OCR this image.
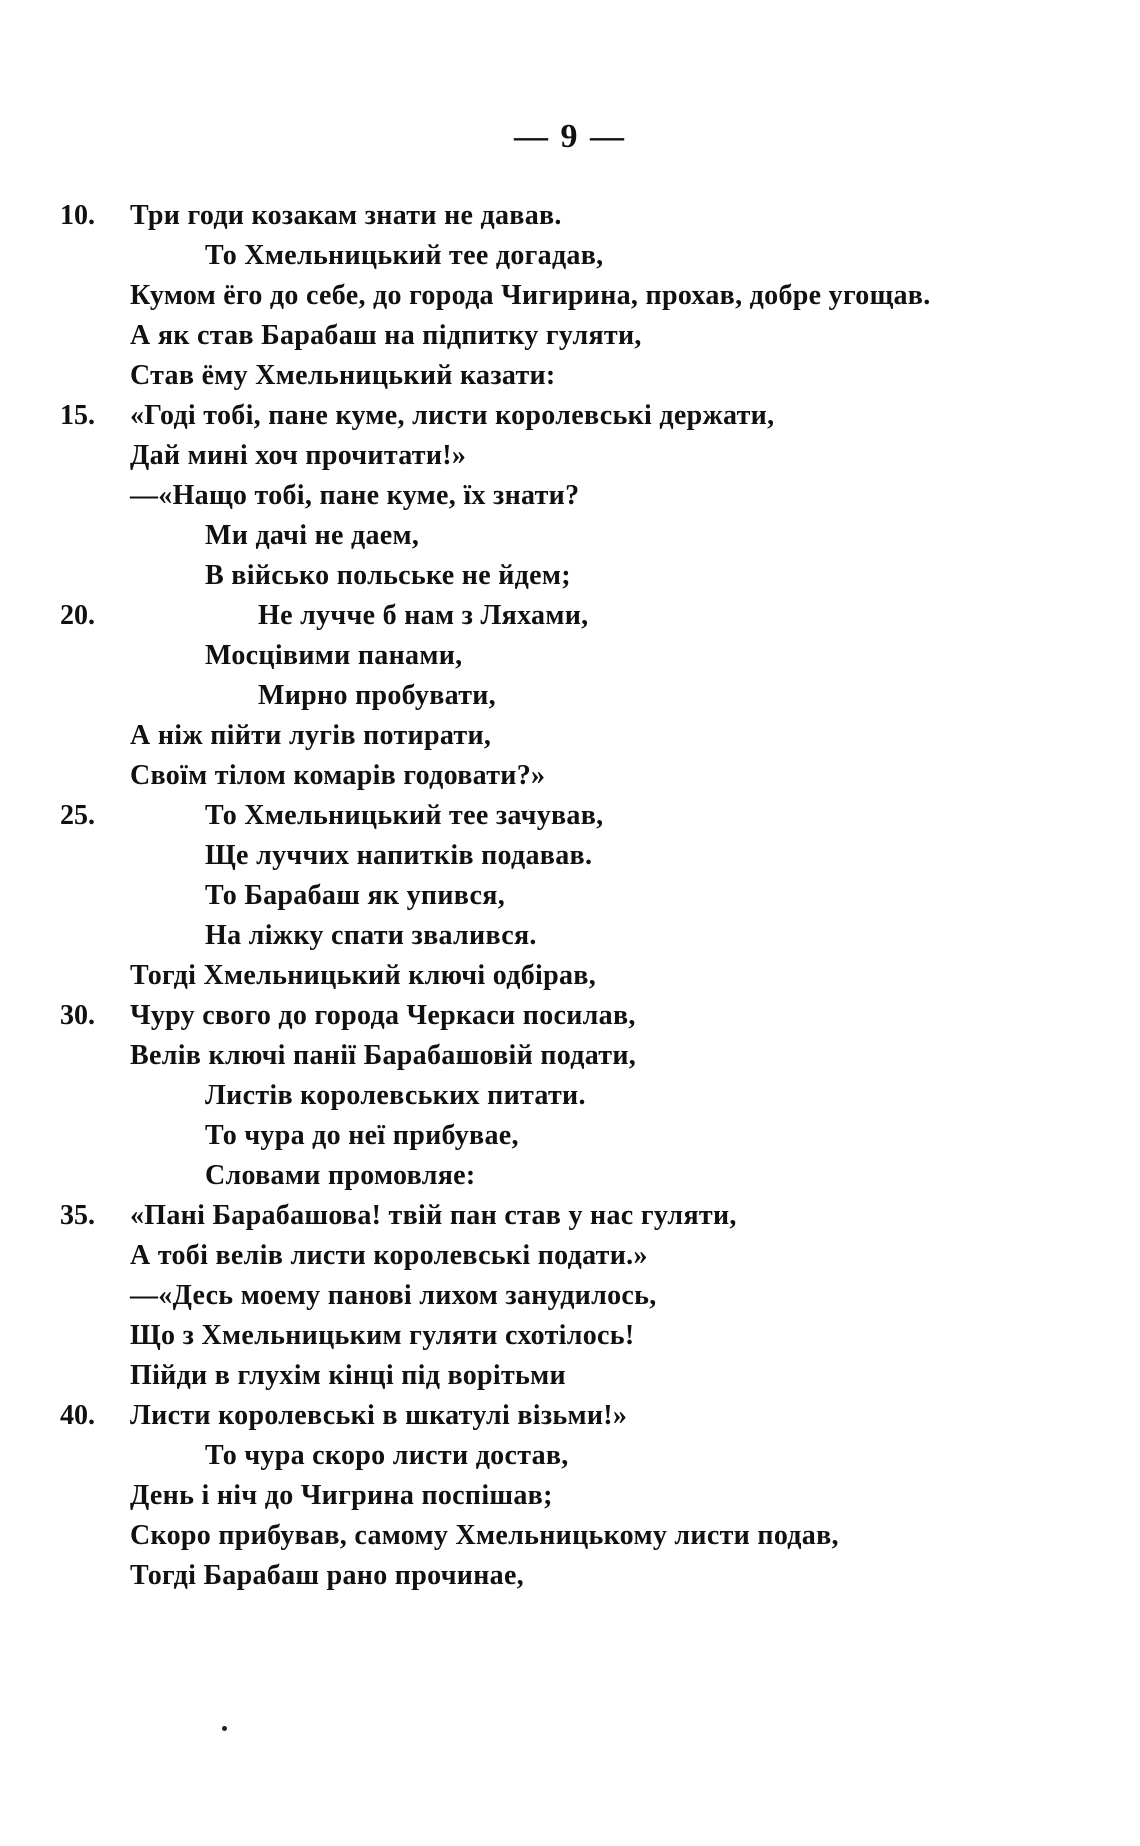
— 9 —
10.	Три годи козакам знати не давав.
То Хмельницький тее догадав,
Кумом ёго до себе, до города Чигирина, прохав, добре угощав.
А як став Барабаш на підпитку гуляти,
Став ёму Хмельницький казати:
15.	«Годі тобі, пане куме, листи королевські держати,
Дай мині хоч прочитати!»
—«Нащо тобі, пане куме, їх знати?
Ми дачі не даем,
В військо польське не йдем;
20.	Не лучче б нам з Ляхами,
Мосцівими панами,
Мирно пробувати,
А ніж пійти лугів потирати,
Своїм тілом комарів годовати?»
25.	То Хмельницький тее зачував,
Ще луччих напитків подавав.
То Барабаш як упився,
На ліжку спати звалився.
Тогді Хмельницький ключі одбірав,
30.	Чуру свого до города Черкаси посилав,
Велів ключі панії Барабашовій подати,
Листів королевських питати.
То чура до неї прибувае,
Словами промовляе:
35.	«Пані Барабашова! твій пан став у нас гуляти,
А тобі велів листи королевські подати.»
—«Десь моему панові лихом занудилось,
Що з Хмельницьким гуляти схотілось!
Пійди в глухім кінці під ворітьми
40.	Листи королевські в шкатулі візьми!»
То чура скоро листи достав,
День і ніч до Чигрина поспішав;
Скоро прибував, самому Хмельницькому листи подав,
Тогді Барабаш рано прочинае,
